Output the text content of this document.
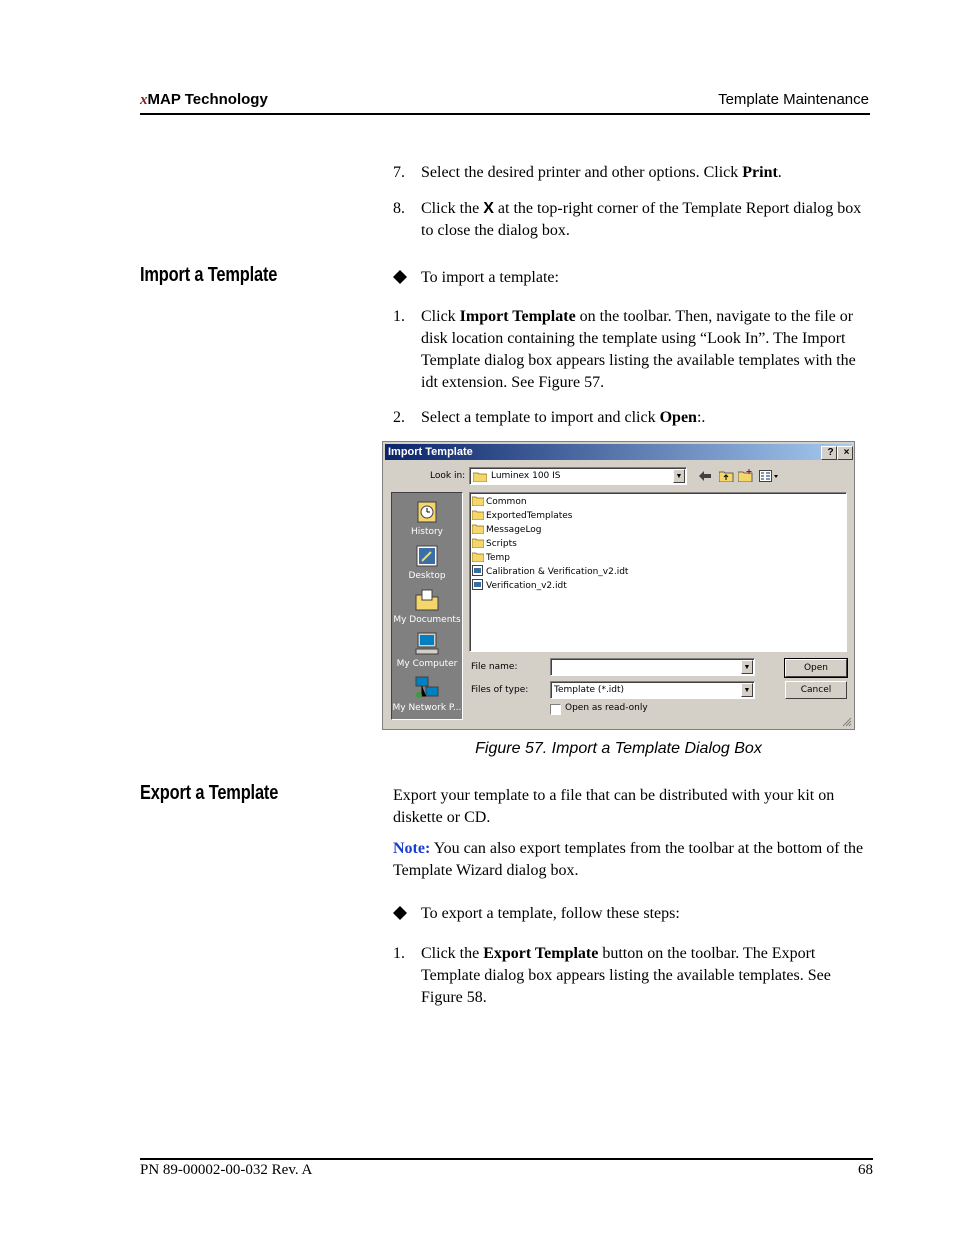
xMAP Technology	Template Maintenance
7. Select the desired printer and other options. Click Print.
8. Click the X at the top-right corner of the Template Report dialog box to close the dialog box.
Import a Template	To import a template:
1. Click Import Template on the toolbar. Then, navigate to the file or disk location containing the template using “Look In”. The Import Template dialog box appears listing the available templates with the idt extension. See Figure 57.
2. Select a template to import and click Open:.
Import Template	?	×
Look in:	Luminex 100 IS	▼
History
Desktop
My Documents
My Computer
My Network P...
Common
ExportedTemplates
MessageLog
Scripts
Temp
Calibration & Verification_v2.idt
Verification_v2.idt
File name:	▼	Open
Files of type:	Template (*.idt)	▼	Cancel
Open as read-only
Figure 57. Import a Template Dialog Box
Export a Template	Export your template to a file that can be distributed with your kit on diskette or CD.
Note: You can also export templates from the toolbar at the bottom of the Template Wizard dialog box.
To export a template, follow these steps:
1. Click the Export Template button on the toolbar. The Export Template dialog box appears listing the available templates. See Figure 58.
PN 89-00002-00-032 Rev. A	68
